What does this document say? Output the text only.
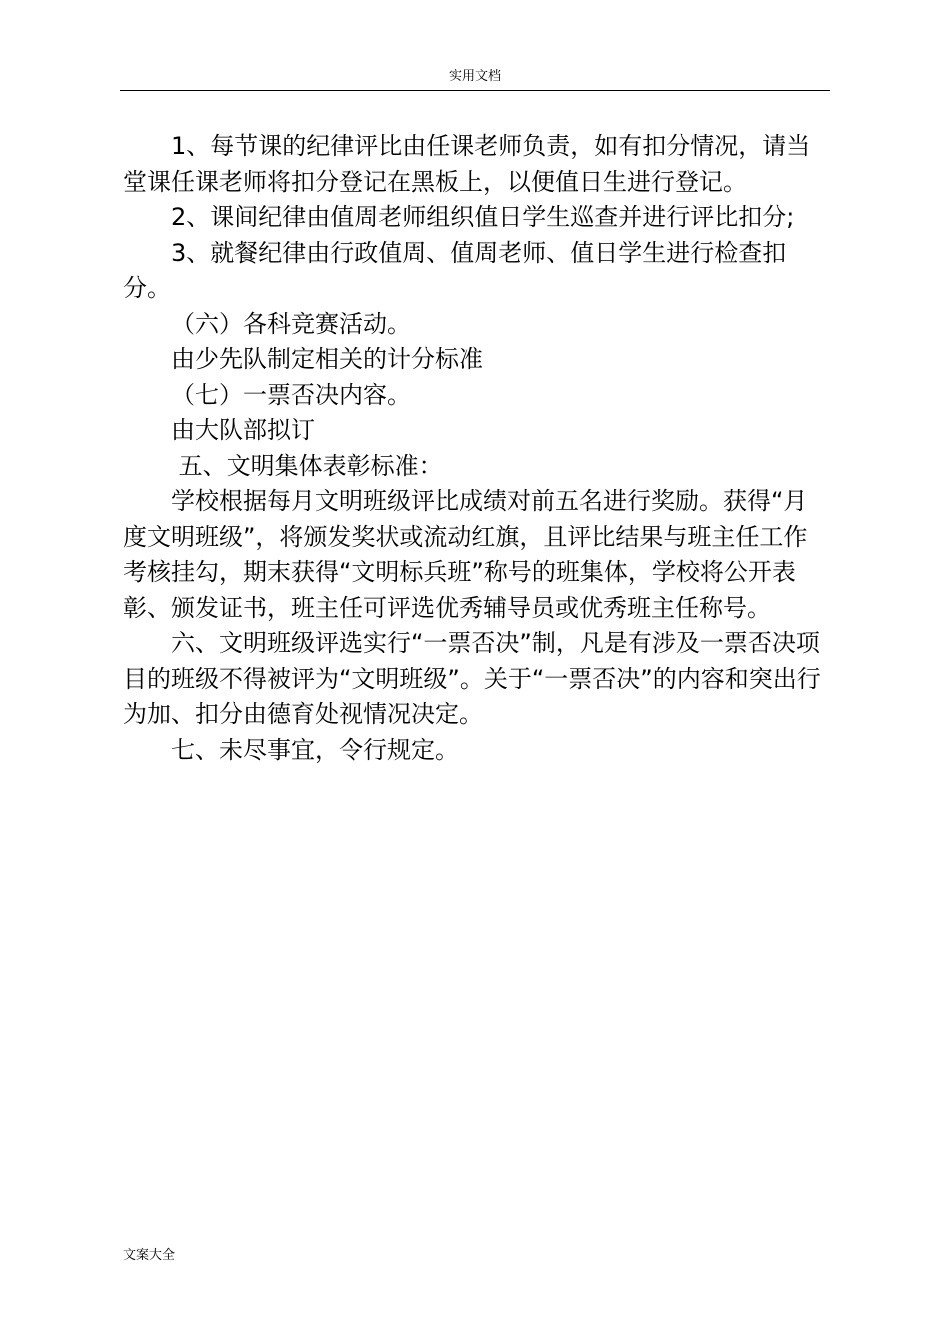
实用文档

1、每节课的纪律评比由任课老师负责，如有扣分情况，请当堂课任课老师将扣分登记在黑板上，以便值日生进行登记。

2、课间纪律由值周老师组织值日学生巡查并进行评比扣分;

3、就餐纪律由行政值周、值周老师、值日学生进行检查扣分。

（六）各科竞赛活动。

由少先队制定相关的计分标准

（七）一票否决内容。

由大队部拟订

五、文明集体表彰标准：

学校根据每月文明班级评比成绩对前五名进行奖励。获得“月度文明班级”，将颁发奖状或流动红旗，且评比结果与班主任工作考核挂勾，期末获得“文明标兵班”称号的班集体，学校将公开表彰、颁发证书，班主任可评选优秀辅导员或优秀班主任称号。

六、文明班级评选实行“一票否决”制，凡是有涉及一票否决项目的班级不得被评为“文明班级”。关于“一票否决”的内容和突出行为加、扣分由德育处视情况决定。

七、未尽事宜，令行规定。

文案大全
